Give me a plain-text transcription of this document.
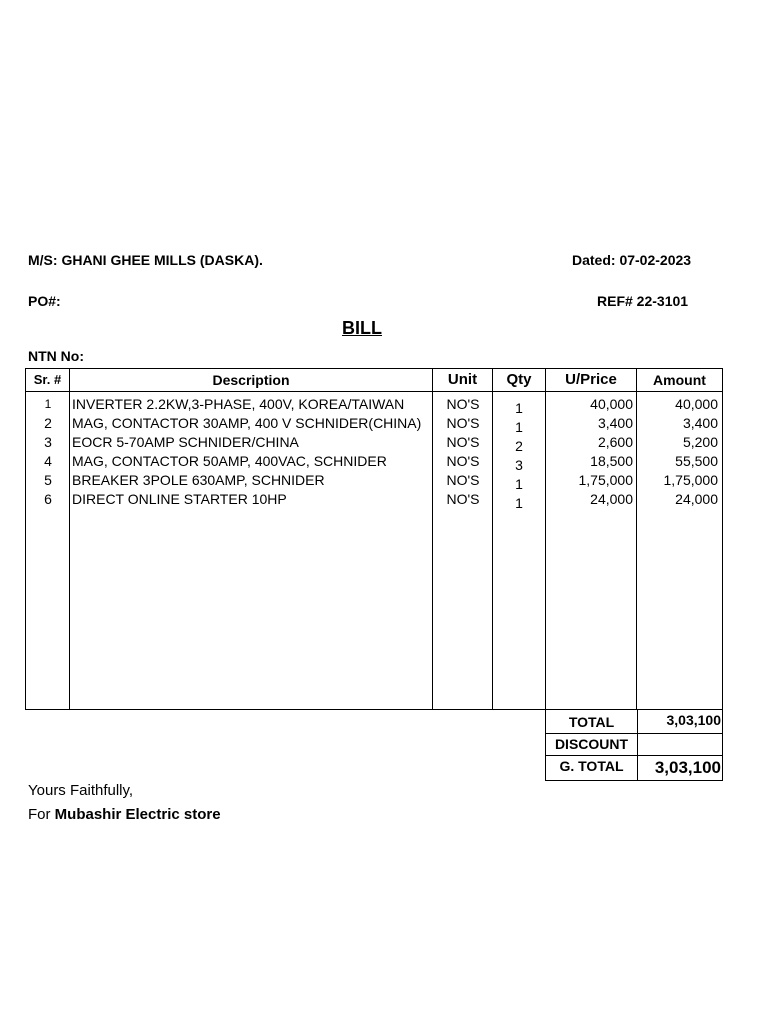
M/S: GHANI GHEE MILLS (DASKA).	Dated: 07-02-2023
PO#:	REF# 22-3101
BILL
NTN No:
Sr. #	Description	Unit	Qty	U/Price	Amount
1	INVERTER 2.2KW,3-PHASE, 400V, KOREA/TAIWAN	NO'S	1	40,000	40,000
2	MAG, CONTACTOR 30AMP, 400 V SCHNIDER(CHINA)	NO'S	1	3,400	3,400
3	EOCR 5-70AMP SCHNIDER/CHINA	NO'S	2	2,600	5,200
4	MAG, CONTACTOR 50AMP, 400VAC, SCHNIDER	NO'S	3	18,500	55,500
5	BREAKER 3POLE 630AMP, SCHNIDER	NO'S	1	1,75,000	1,75,000
6	DIRECT ONLINE STARTER 10HP	NO'S	1	24,000	24,000
TOTAL	3,03,100
DISCOUNT
G. TOTAL	3,03,100
Yours Faithfully,
For Mubashir Electric store
